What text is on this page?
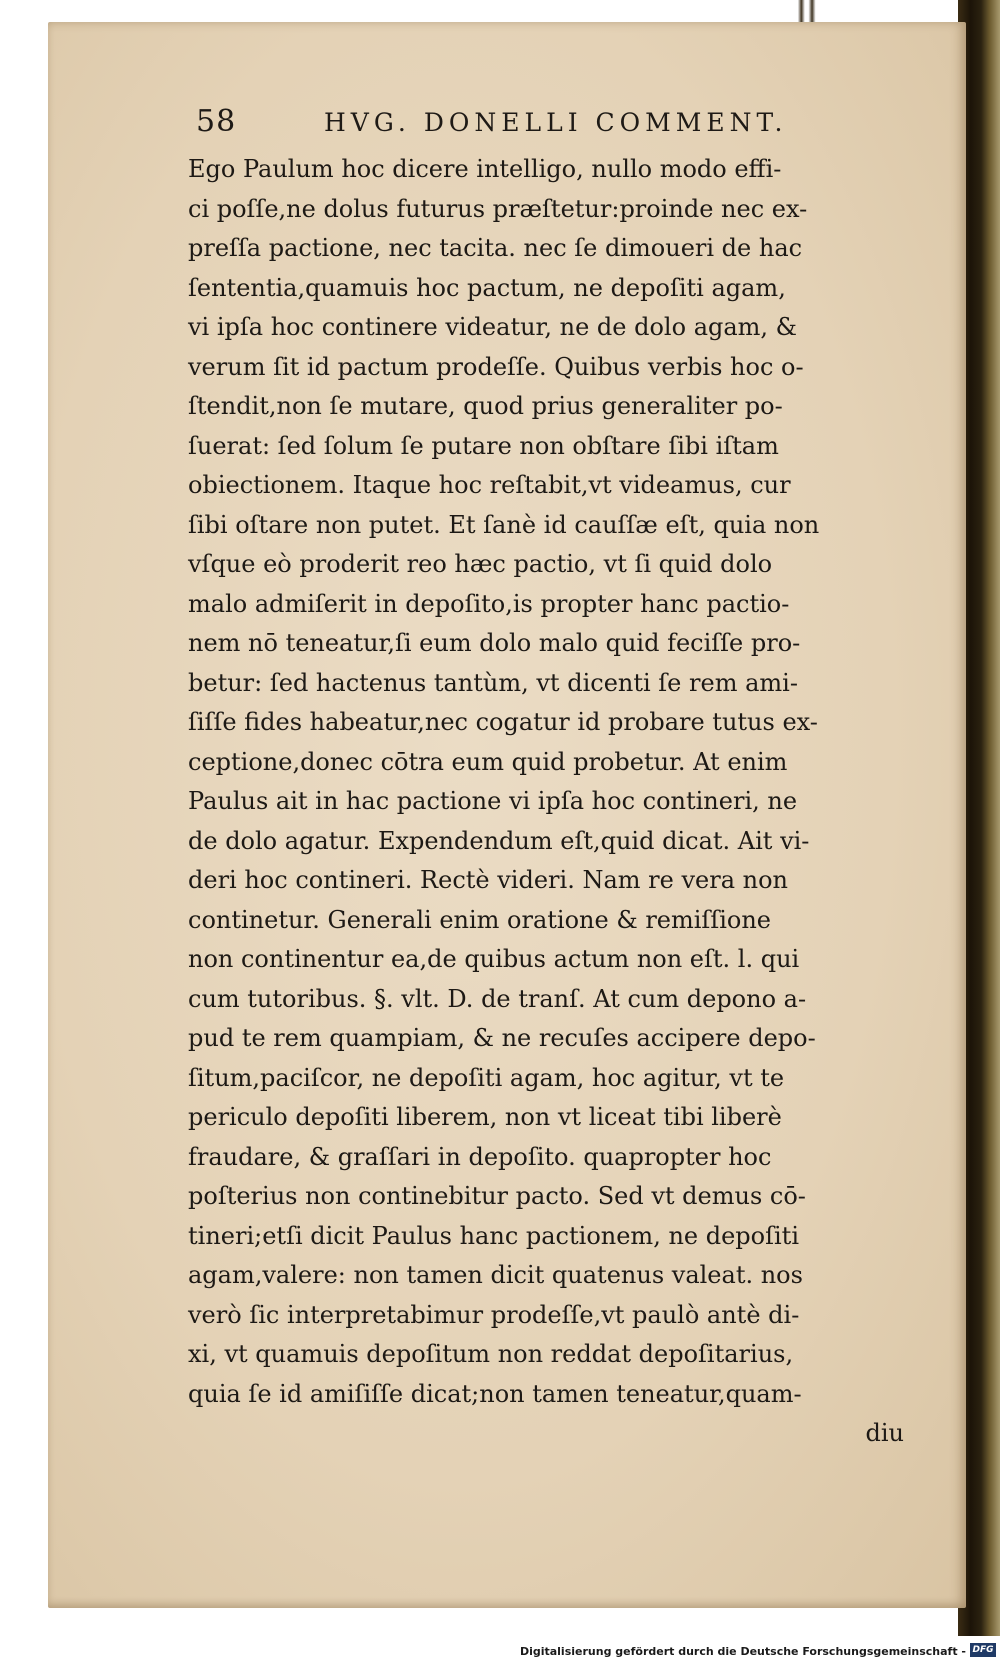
58	HVG. DONELLI COMMENT.
Ego Paulum hoc dicere intelligo, nullo modo effi-
ci poſſe,ne dolus futurus præſtetur:proinde nec ex-
preſſa pactione, nec tacita. nec ſe dimoueri de hac
ſententia,quamuis hoc pactum, ne depoſiti agam,
vi ipſa hoc continere videatur, ne de dolo agam, &
verum ſit id pactum prodeſſe. Quibus verbis hoc o-
ſtendit,non ſe mutare, quod prius generaliter po-
ſuerat: ſed ſolum ſe putare non obſtare ſibi iſtam
obiectionem. Itaque hoc reſtabit,vt videamus, cur
ſibi oſtare non putet. Et ſanè id cauſſæ eſt, quia non
vſque eò proderit reo hæc pactio, vt ſi quid dolo
malo admiſerit in depoſito,is propter hanc pactio-
nem nō teneatur,ſi eum dolo malo quid feciſſe pro-
betur: ſed hactenus tantùm, vt dicenti ſe rem ami-
ſiſſe fides habeatur,nec cogatur id probare tutus ex-
ceptione,donec cōtra eum quid probetur. At enim
Paulus ait in hac pactione vi ipſa hoc contineri, ne
de dolo agatur. Expendendum eſt,quid dicat. Ait vi-
deri hoc contineri. Rectè videri. Nam re vera non
continetur. Generali enim oratione & remiſſione
non continentur ea,de quibus actum non eſt. l. qui
cum tutoribus. §. vlt. D. de tranſ. At cum depono a-
pud te rem quampiam, & ne recuſes accipere depo-
ſitum,paciſcor, ne depoſiti agam, hoc agitur, vt te
periculo depoſiti liberem, non vt liceat tibi liberè
fraudare, & graſſari in depoſito. quapropter hoc
poſterius non continebitur pacto. Sed vt demus cō-
tineri;etſi dicit Paulus hanc pactionem, ne depoſiti
agam,valere: non tamen dicit quatenus valeat. nos
verò ſic interpretabimur prodeſſe,vt paulò antè di-
xi, vt quamuis depoſitum non reddat depoſitarius,
quia ſe id amiſiſſe dicat;non tamen teneatur,quam-
diu
Digitalisierung gefördert durch die Deutsche Forschungsgemeinschaft - DFG
